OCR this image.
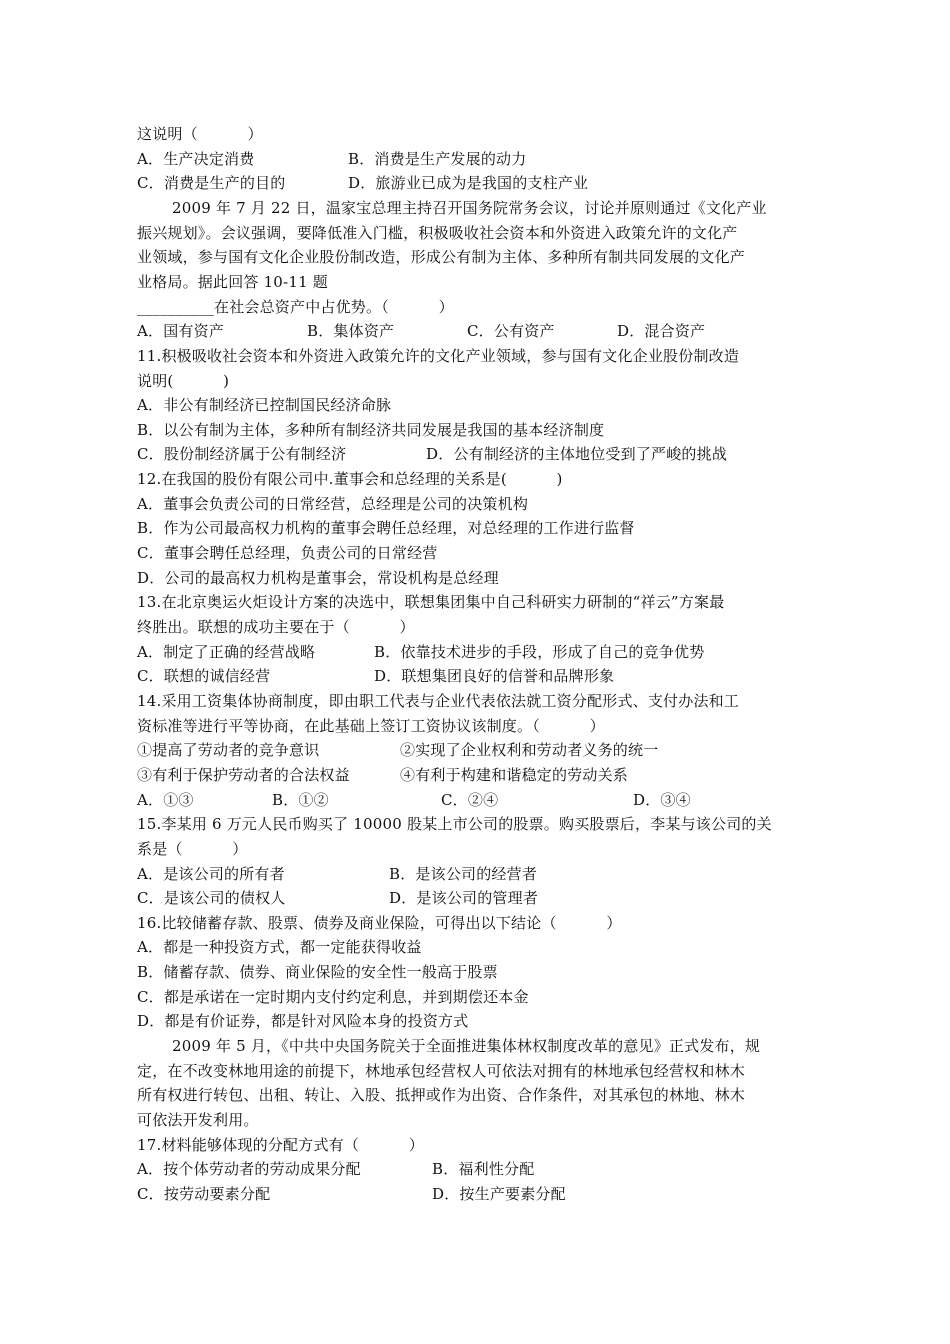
这说明（          ）
A．生产决定消费	B．消费是生产发展的动力
C．消费是生产的目的	D．旅游业已成为是我国的支柱产业
2009 年 7 月 22 日，温家宝总理主持召开国务院常务会议，讨论并原则通过《文化产业
振兴规划》。会议强调，要降低准入门槛，积极吸收社会资本和外资进入政策允许的文化产
业领域，参与国有文化企业股份制改造，形成公有制为主体、多种所有制共同发展的文化产
业格局。据此回答 10-11 题
__________在社会总资产中占优势。（          ）
A．国有资产	B．集体资产	C．公有资产	D．混合资产
11.积极吸收社会资本和外资进入政策允许的文化产业领域，参与国有文化企业股份制改造
说明(          )
A．非公有制经济已控制国民经济命脉
B．以公有制为主体，多种所有制经济共同发展是我国的基本经济制度
C．股份制经济属于公有制经济	D．公有制经济的主体地位受到了严峻的挑战
12.在我国的股份有限公司中.董事会和总经理的关系是(          )
A．董事会负责公司的日常经营，总经理是公司的决策机构
B．作为公司最高权力机构的董事会聘任总经理，对总经理的工作进行监督
C．董事会聘任总经理，负责公司的日常经营
D．公司的最高权力机构是董事会，常设机构是总经理
13.在北京奥运火炬设计方案的决选中，联想集团集中自己科研实力研制的“祥云”方案最
终胜出。联想的成功主要在于（          ）
A．制定了正确的经营战略	B．依靠技术进步的手段，形成了自己的竞争优势
C．联想的诚信经营	D．联想集团良好的信誉和品牌形象
14.采用工资集体协商制度，即由职工代表与企业代表依法就工资分配形式、支付办法和工
资标准等进行平等协商，在此基础上签订工资协议该制度。（          ）
①提高了劳动者的竞争意识	②实现了企业权利和劳动者义务的统一
③有利于保护劳动者的合法权益	④有利于构建和谐稳定的劳动关系
A．①③	B．①②	C．②④	D．③④
15.李某用 6 万元人民币购买了 10000 股某上市公司的股票。购买股票后，李某与该公司的关
系是（          ）
A．是该公司的所有者	B．是该公司的经营者
C．是该公司的债权人	D．是该公司的管理者
16.比较储蓄存款、股票、债券及商业保险，可得出以下结论（          ）
A．都是一种投资方式，都一定能获得收益
B．储蓄存款、债券、商业保险的安全性一般高于股票
C．都是承诺在一定时期内支付约定利息，并到期偿还本金
D．都是有价证券，都是针对风险本身的投资方式
2009 年 5 月，《中共中央国务院关于全面推进集体林权制度改革的意见》正式发布，规
定，在不改变林地用途的前提下，林地承包经营权人可依法对拥有的林地承包经营权和林木
所有权进行转包、出租、转让、入股、抵押或作为出资、合作条件，对其承包的林地、林木
可依法开发利用。
17.材料能够体现的分配方式有（          ）
A．按个体劳动者的劳动成果分配	B．福利性分配
C．按劳动要素分配	D．按生产要素分配
